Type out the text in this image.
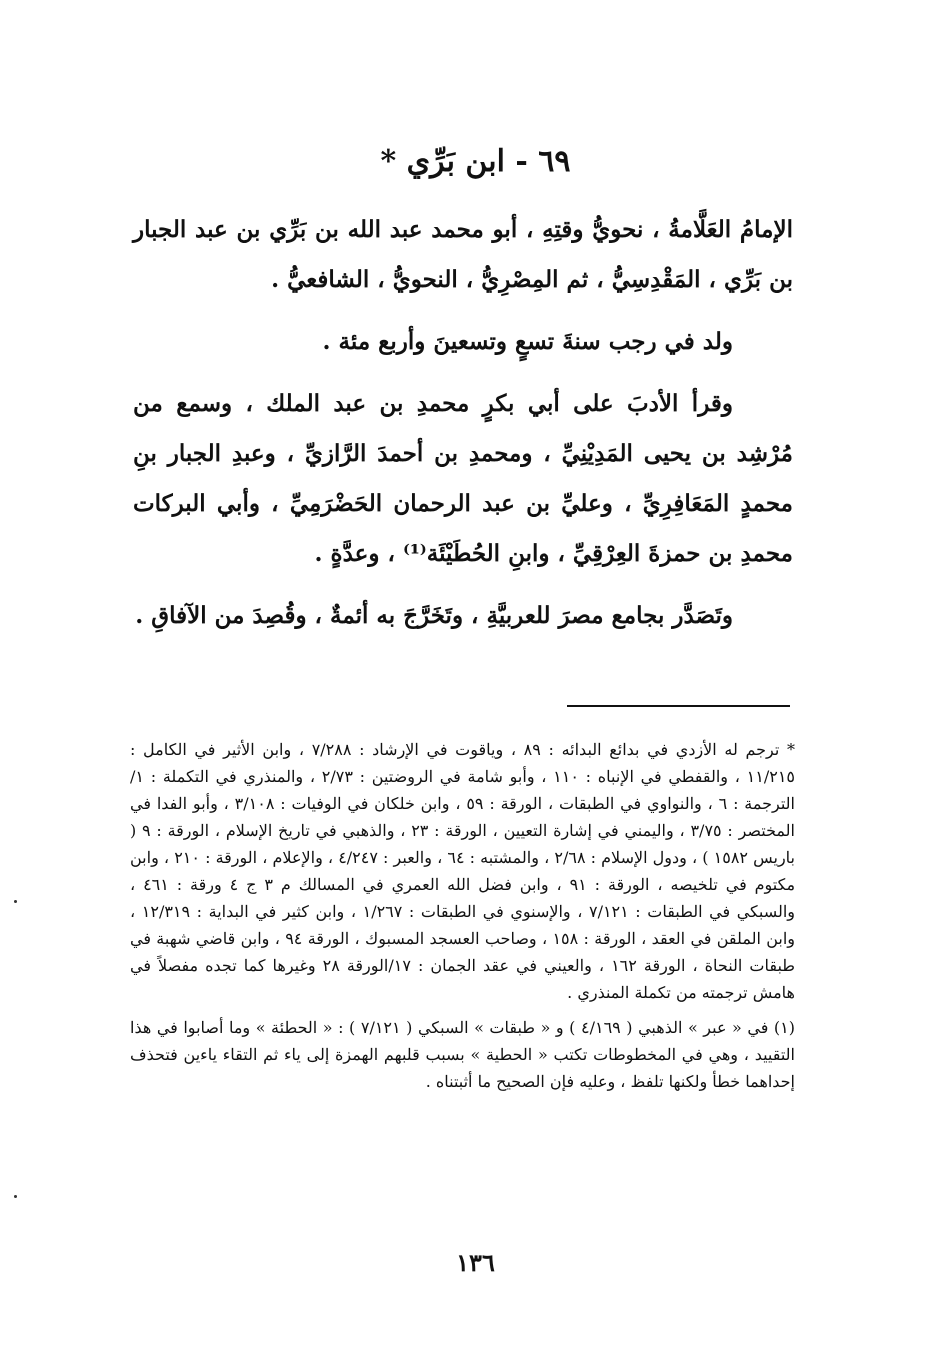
٦٩ - ابن بَرِّي *

الإمامُ العَلَّامةُ ، نحويُّ وقتِهِ ، أبو محمد عبد الله بن بَرِّي بن عبد الجبار بن بَرِّي ، المَقْدِسِيُّ ، ثم المِصْرِيُّ ، النحويُّ ، الشافعيُّ .

ولد في رجب سنةَ تسعٍ وتسعينَ وأربع مئة .

وقرأ الأدبَ على أبي بكرٍ محمدِ بن عبد الملك ، وسمع من مُرْشِد بن يحيى المَدِيْنِيِّ ، ومحمدِ بن أحمدَ الرَّازيِّ ، وعبدِ الجبار بنِ محمدٍ المَعَافِرِيِّ ، وعليِّ بن عبد الرحمان الحَضْرَمِيِّ ، وأبي البركات محمدِ بن حمزةَ العِرْقِيِّ ، وابنِ الحُطَيْئَة⁽¹⁾ ، وعدَّةٍ .

وتَصَدَّر بجامع مصرَ للعربيَّةِ ، وتَخَرَّجَ به أئمةٌ ، وقُصِدَ من الآفاقِ .

* ترجم له الأزدي في بدائع البدائه : ٨٩ ، وياقوت في الإرشاد : ٧/٢٨٨ ، وابن الأثير في الكامل : ١١/٢١٥ ، والقفطي في الإنباه : ١١٠ ، وأبو شامة في الروضتين : ٢/٧٣ ، والمنذري في التكملة : ١/الترجمة : ٦ ، والنواوي في الطبقات ، الورقة : ٥٩ ، وابن خلكان في الوفيات : ٣/١٠٨ ، وأبو الفدا في المختصر : ٣/٧٥ ، واليمني في إشارة التعيين ، الورقة : ٢٣ ، والذهبي في تاريخ الإسلام ، الورقة : ٩ ( باريس ١٥٨٢ ) ، ودول الإسلام : ٢/٦٨ ، والمشتبه : ٦٤ ، والعبر : ٤/٢٤٧ ، والإعلام ، الورقة : ٢١٠ ، وابن مكتوم في تلخيصه ، الورقة : ٩١ ، وابن فضل الله العمري في المسالك م ٣ ج ٤ ورقة : ٤٦١ ، والسبكي في الطبقات : ٧/١٢١ ، والإسنوي في الطبقات : ١/٢٦٧ ، وابن كثير في البداية : ١٢/٣١٩ ، وابن الملقن في العقد ، الورقة : ١٥٨ ، وصاحب العسجد المسبوك ، الورقة ٩٤ ، وابن قاضي شهبة في طبقات النحاة ، الورقة ١٦٢ ، والعيني في عقد الجمان : ١٧/الورقة ٢٨ وغيرها كما تجده مفصلاً في هامش ترجمته من تكملة المنذري .

(١) في « عبر » الذهبي ( ٤/١٦٩ ) و « طبقات » السبكي ( ٧/١٢١ ) : « الحطئة » وما أصابوا في هذا التقييد ، وهي في المخطوطات تكتب « الحطية » بسبب قلبهم الهمزة إلى ياء ثم التقاء ياءين فتحذف إحداهما خطأ ولكنها تلفظ ، وعليه فإن الصحيح ما أثبتناه .

١٣٦
